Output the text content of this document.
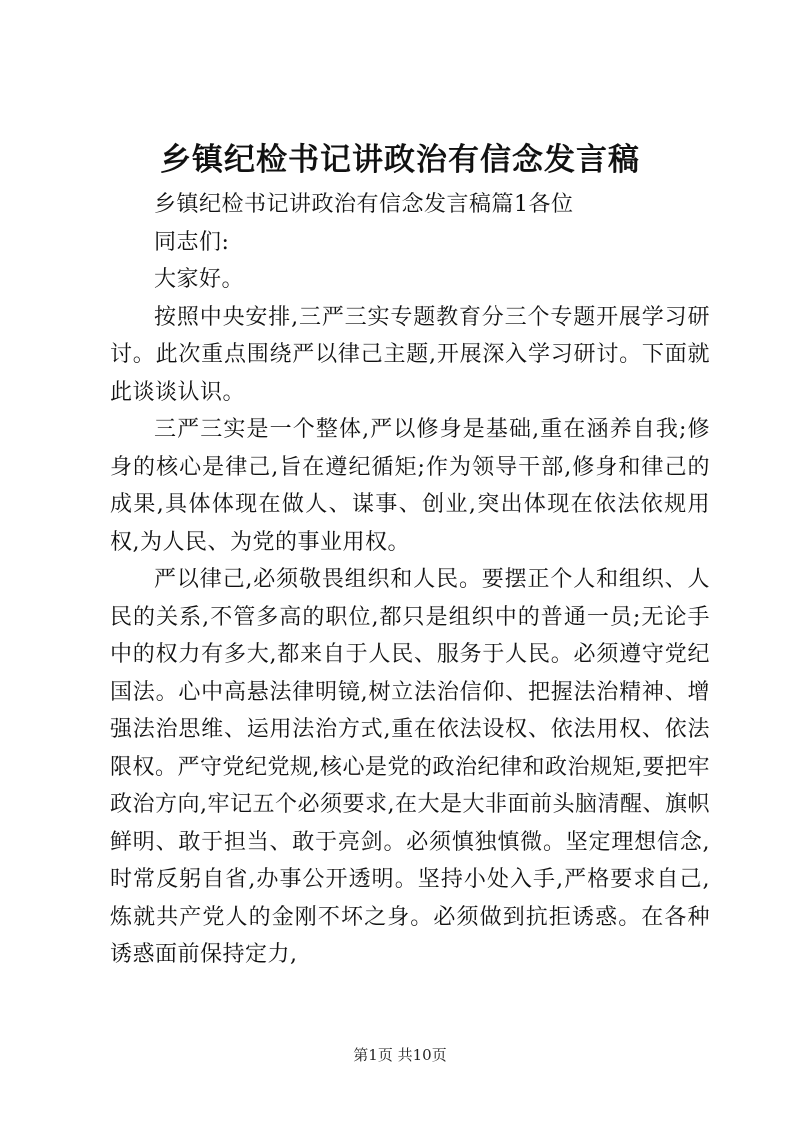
乡镇纪检书记讲政治有信念发言稿

乡镇纪检书记讲政治有信念发言稿篇1各位

同志们:

大家好。

按照中央安排,三严三实专题教育分三个专题开展学习研讨。此次重点围绕严以律己主题,开展深入学习研讨。下面就此谈谈认识。

三严三实是一个整体,严以修身是基础,重在涵养自我;修身的核心是律己,旨在遵纪循矩;作为领导干部,修身和律己的成果,具体体现在做人、谋事、创业,突出体现在依法依规用权,为人民、为党的事业用权。

严以律己,必须敬畏组织和人民。要摆正个人和组织、人民的关系,不管多高的职位,都只是组织中的普通一员;无论手中的权力有多大,都来自于人民、服务于人民。必须遵守党纪国法。心中高悬法律明镜,树立法治信仰、把握法治精神、增强法治思维、运用法治方式,重在依法设权、依法用权、依法限权。严守党纪党规,核心是党的政治纪律和政治规矩,要把牢政治方向,牢记五个必须要求,在大是大非面前头脑清醒、旗帜鲜明、敢于担当、敢于亮剑。必须慎独慎微。坚定理想信念,时常反躬自省,办事公开透明。坚持小处入手,严格要求自己,炼就共产党人的金刚不坏之身。必须做到抗拒诱惑。在各种诱惑面前保持定力,

第1页 共10页
